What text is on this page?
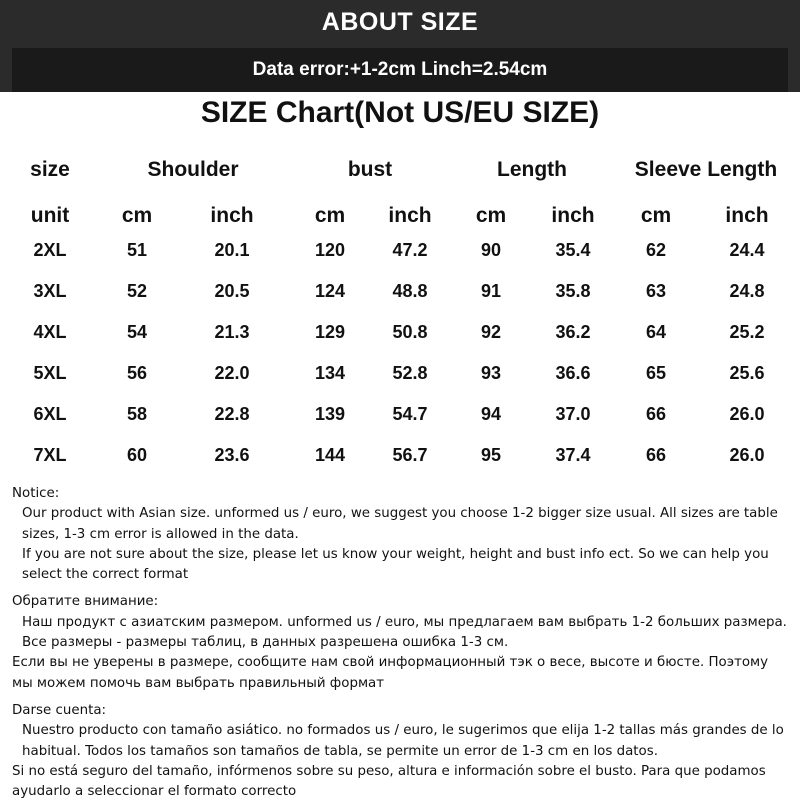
ABOUT SIZE
Data error:+1-2cm Linch=2.54cm
SIZE Chart(Not US/EU SIZE)
size	Shoulder	bust	Length	Sleeve Length
unit	cm	inch	cm inch cm inch cm	inch
2XL	51	20.1	120	47.2	90	35.4	62	24.4
3XL	52	20.5	124	48.8	91	35.8	63	24.8
4XL	54	21.3	129	50.8	92	36.2	64	25.2
5XL	56	22.0	134	52.8	93	36.6	65	25.6
6XL	58	22.8	139	54.7	94	37.0	66	26.0
7XL	60	23.6	144	56.7	95	37.4	66	26.0

Notice:

Our product with Asian size. unformed us / euro, we suggest you choose 1-2 bigger size usual. All sizes are table sizes, 1-3 cm error is allowed in the data.

If you are not sure about the size, please let us know your weight, height and bust info ect. So we can help you select the correct format

Обратите внимание:

Наш продукт с азиатским размером. unformed us / euro, мы предлагаем вам выбрать 1-2 больших размера. Все размеры - размеры таблиц, в данных разрешена ошибка 1-3 см.

Если вы не уверены в размере, сообщите нам свой информационный тэк о весе, высоте и бюсте. Поэтому мы можем помочь вам выбрать правильный формат

Darse cuenta:

Nuestro producto con tamaño asiático. no formados us / euro, le sugerimos que elija 1-2 tallas más grandes de lo habitual. Todos los tamaños son tamaños de tabla, se permite un error de 1-3 cm en los datos.

Si no está seguro del tamaño, infórmenos sobre su peso, altura e información sobre el busto. Para que podamos ayudarlo a seleccionar el formato correcto
